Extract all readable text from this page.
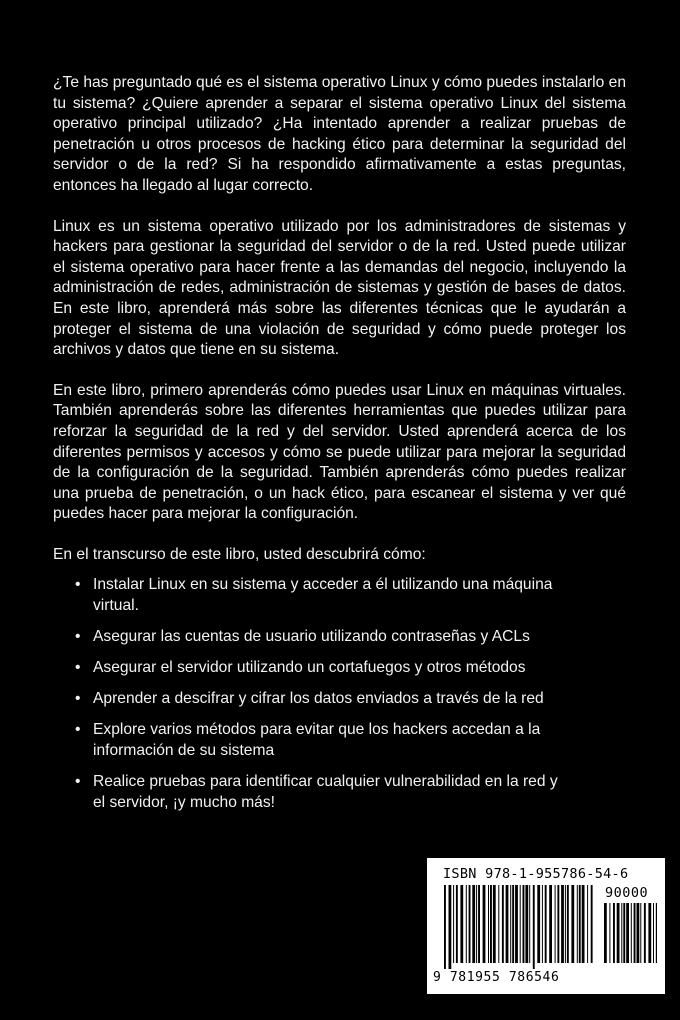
¿Te has preguntado qué es el sistema operativo Linux y cómo puedes instalarlo en tu sistema? ¿Quiere aprender a separar el sistema operativo Linux del sistema operativo principal utilizado? ¿Ha intentado aprender a realizar pruebas de penetración u otros procesos de hacking ético para determinar la seguridad del servidor o de la red? Si ha respondido afirmativamente a estas preguntas, entonces ha llegado al lugar correcto.

Linux es un sistema operativo utilizado por los administradores de sistemas y hackers para gestionar la seguridad del servidor o de la red. Usted puede utilizar el sistema operativo para hacer frente a las demandas del negocio, incluyendo la administración de redes, administración de sistemas y gestión de bases de datos. En este libro, aprenderá más sobre las diferentes técnicas que le ayudarán a proteger el sistema de una violación de seguridad y cómo puede proteger los archivos y datos que tiene en su sistema.

En este libro, primero aprenderás cómo puedes usar Linux en máquinas virtuales. También aprenderás sobre las diferentes herramientas que puedes utilizar para reforzar la seguridad de la red y del servidor. Usted aprenderá acerca de los diferentes permisos y accesos y cómo se puede utilizar para mejorar la seguridad de la configuración de la seguridad. También aprenderás cómo puedes realizar una prueba de penetración, o un hack ético, para escanear el sistema y ver qué puedes hacer para mejorar la configuración.

En el transcurso de este libro, usted descubrirá cómo:

• Instalar Linux en su sistema y acceder a él utilizando una máquina virtual.
• Asegurar las cuentas de usuario utilizando contraseñas y ACLs
• Asegurar el servidor utilizando un cortafuegos y otros métodos
• Aprender a descifrar y cifrar los datos enviados a través de la red
• Explore varios métodos para evitar que los hackers accedan a la información de su sistema
• Realice pruebas para identificar cualquier vulnerabilidad en la red y el servidor, ¡y mucho más!
ISBN 978-1-955786-54-6
90000
9 781955 786546
